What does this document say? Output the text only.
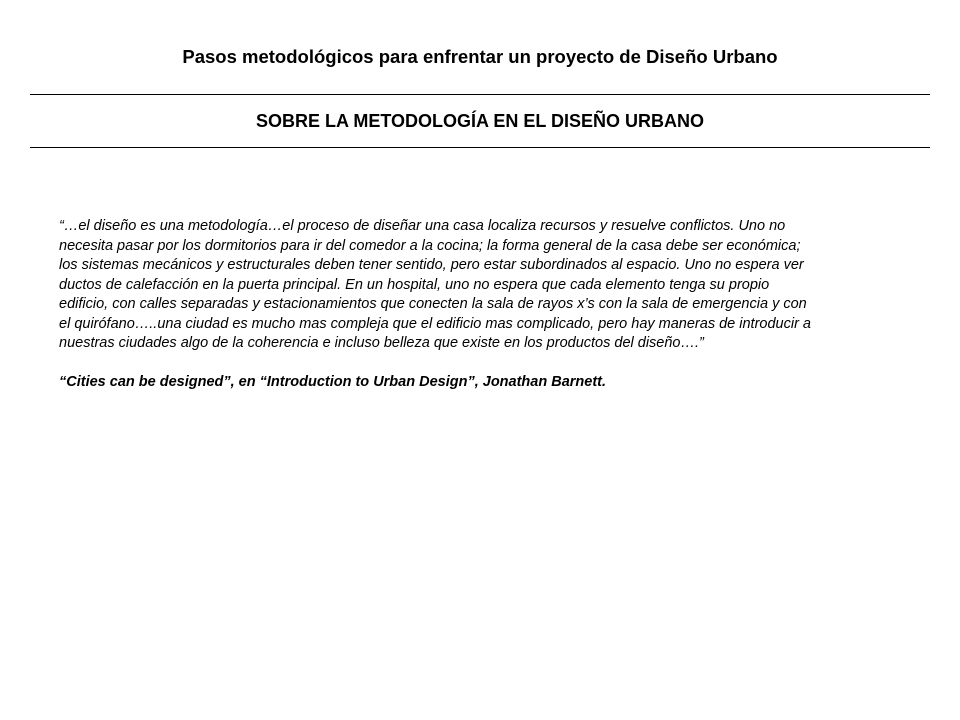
Pasos metodológicos para enfrentar un proyecto de Diseño Urbano
SOBRE LA METODOLOGÍA EN EL DISEÑO URBANO

“…el diseño es una metodología…el proceso de diseñar una casa localiza recursos y resuelve conflictos. Uno no
necesita pasar por los dormitorios para ir del comedor a la cocina; la forma general de la casa debe ser económica;
los sistemas mecánicos y estructurales deben tener sentido, pero estar subordinados al espacio. Uno no espera ver
ductos de calefacción en la puerta principal. En un hospital, uno no espera que cada elemento tenga su propio
edificio, con calles separadas y estacionamientos que conecten la sala de rayos x’s con la sala de emergencia y con
el quirófano…..una ciudad es mucho mas compleja que el edificio mas complicado, pero hay maneras de introducir a
nuestras ciudades algo de la coherencia e incluso belleza que existe en los productos del diseño….”

“Cities can be designed”, en “Introduction to Urban Design”, Jonathan Barnett.
